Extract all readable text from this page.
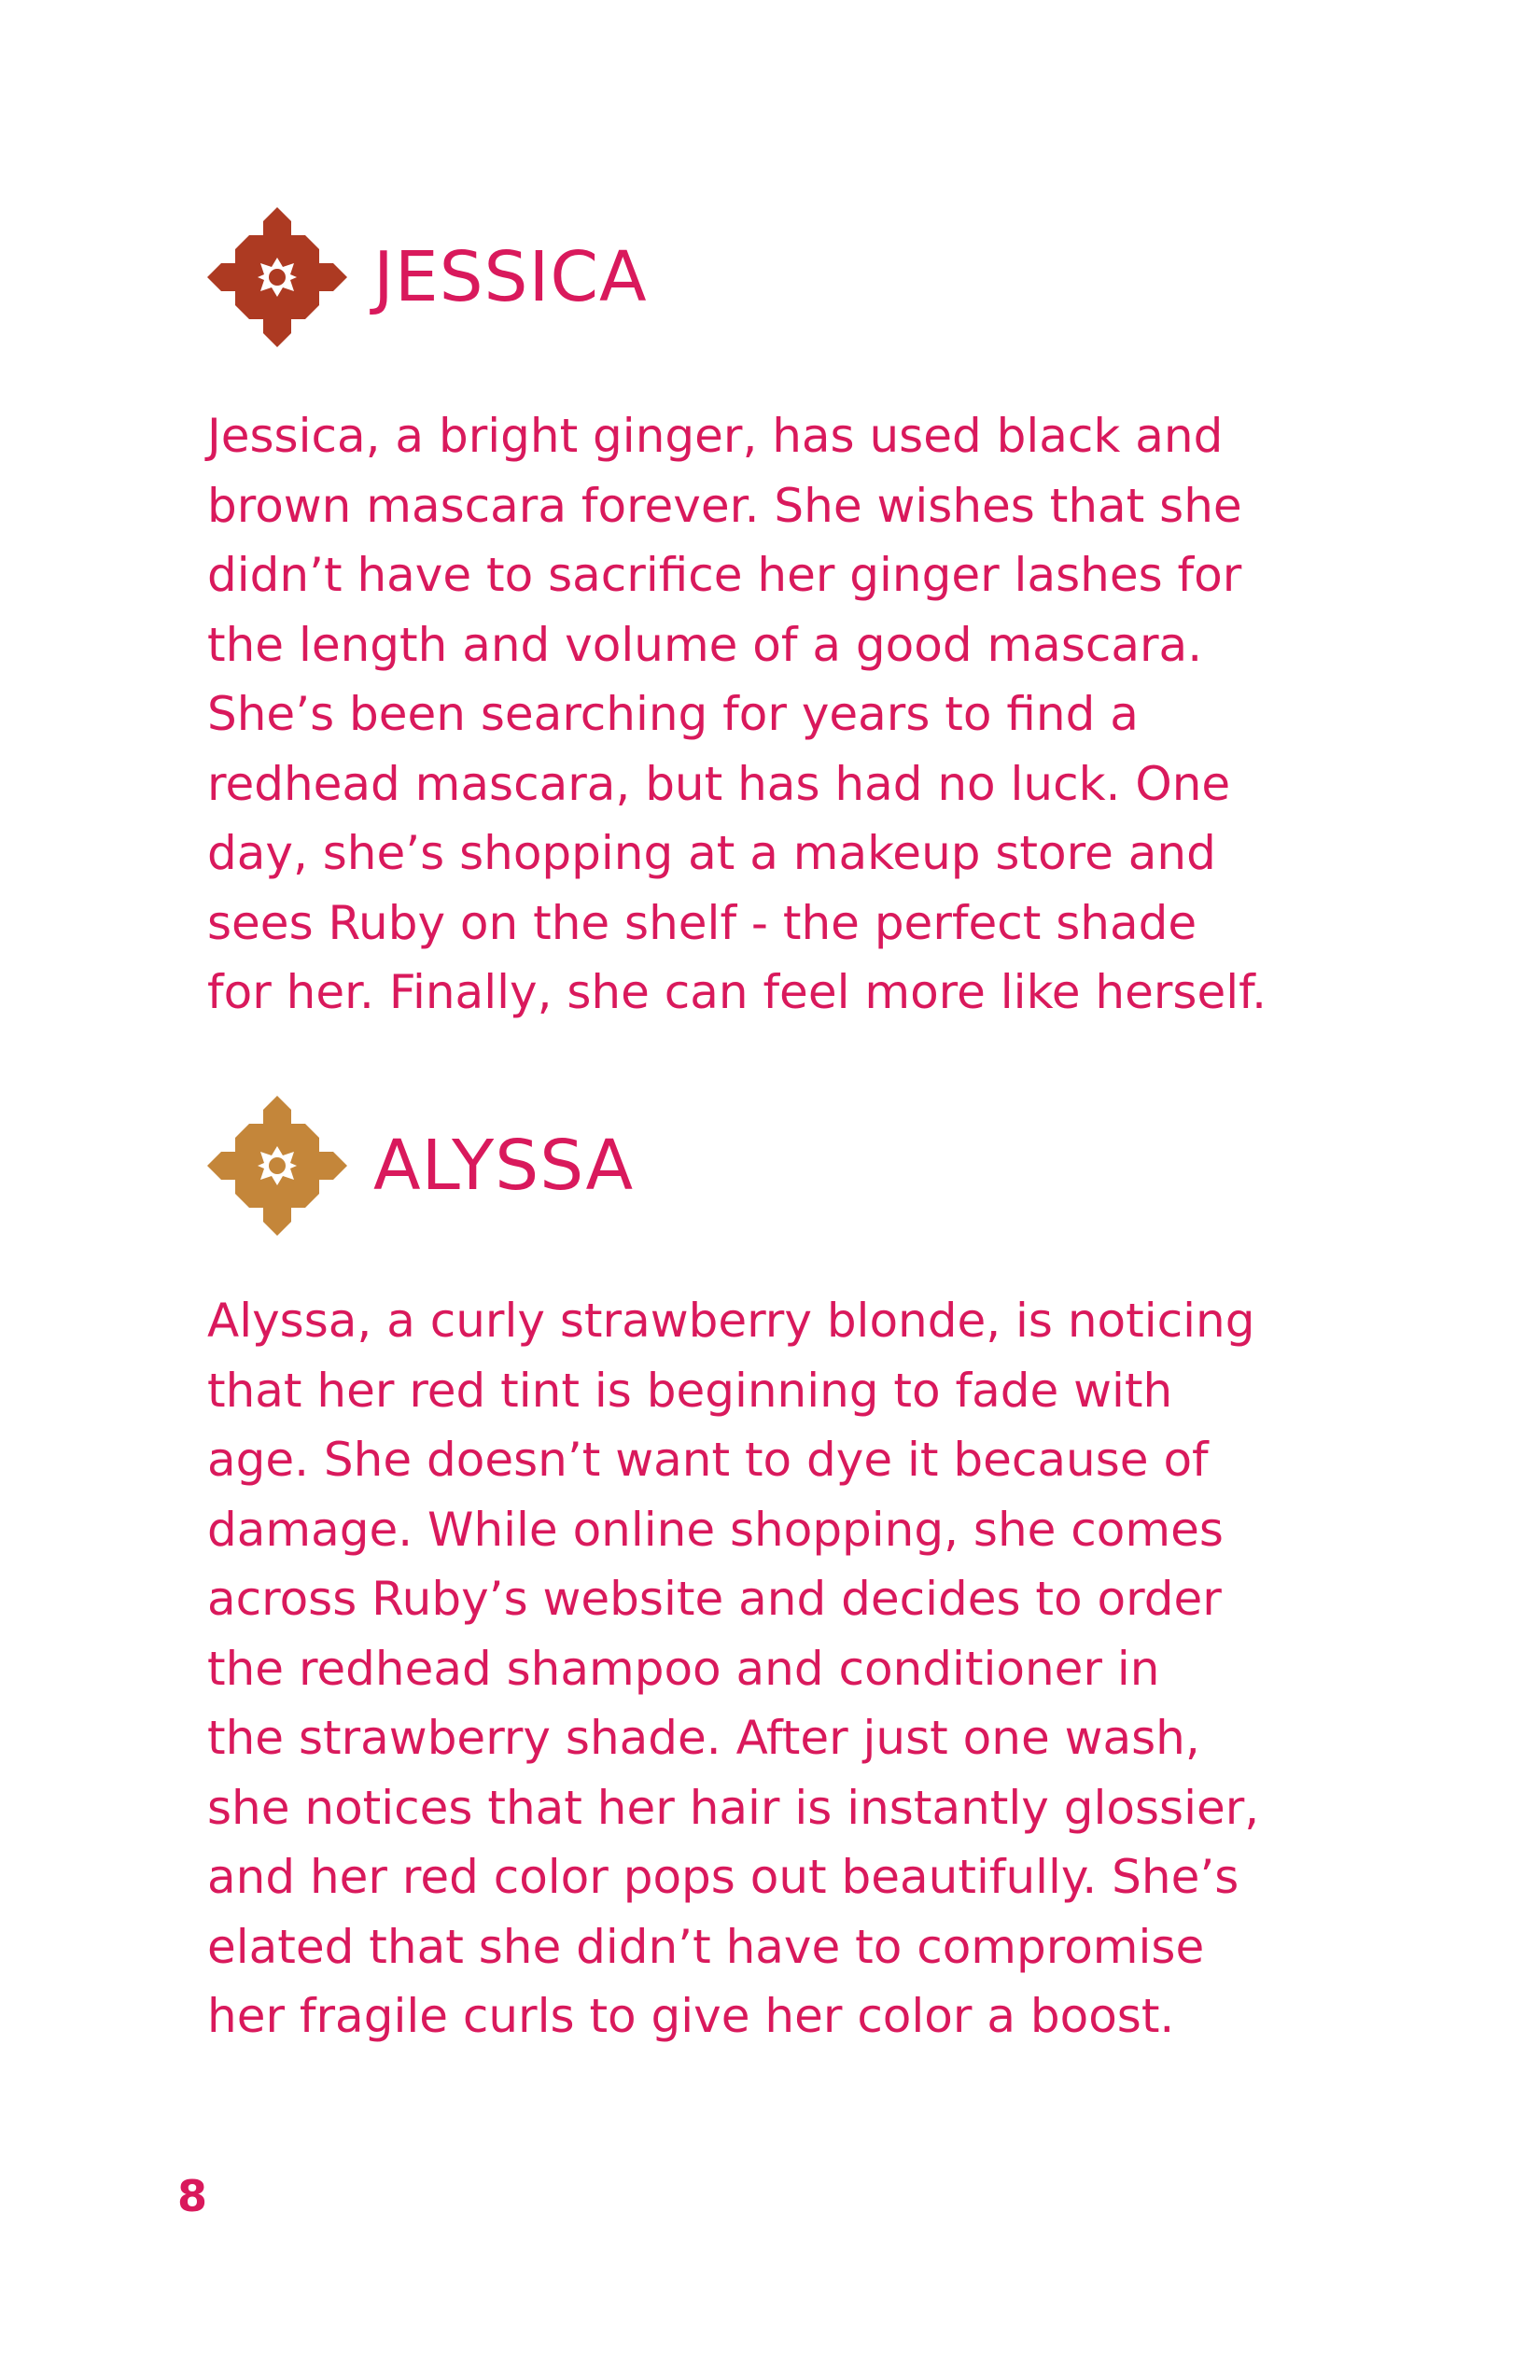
JESSICA

Jessica, a bright ginger, has used black and
brown mascara forever. She wishes that she
didn’t have to sacrifice her ginger lashes for
the length and volume of a good mascara.
She’s been searching for years to find a
redhead mascara, but has had no luck. One
day, she’s shopping at a makeup store and
sees Ruby on the shelf - the perfect shade
for her. Finally, she can feel more like herself.

ALYSSA

Alyssa, a curly strawberry blonde, is noticing
that her red tint is beginning to fade with
age. She doesn’t want to dye it because of
damage. While online shopping, she comes
across Ruby’s website and decides to order
the redhead shampoo and conditioner in
the strawberry shade. After just one wash,
she notices that her hair is instantly glossier,
and her red color pops out beautifully. She’s
elated that she didn’t have to compromise
her fragile curls to give her color a boost.

8
